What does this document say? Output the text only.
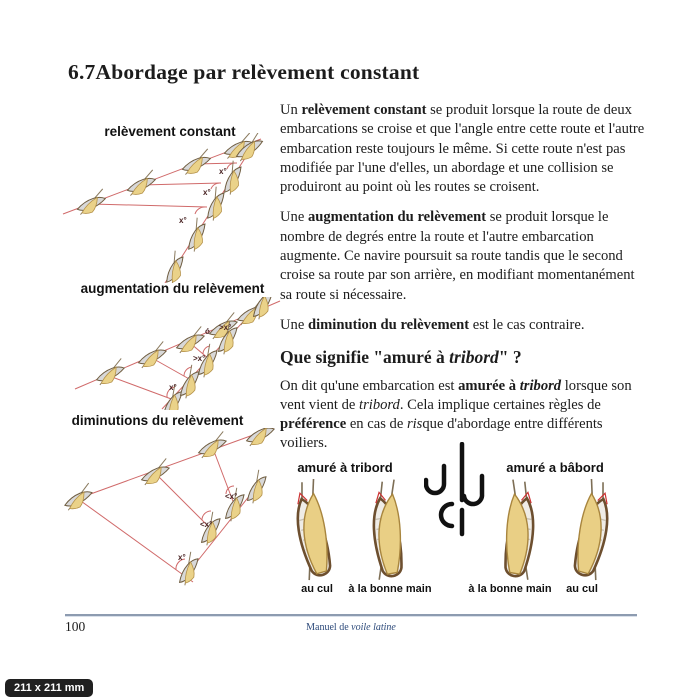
6.7Abordage par relèvement constant

Un relèvement constant se produit lorsque la route de deux embarcations se croise et que l'angle entre cette route et l'autre embarcation reste toujours le même. Si cette route n'est pas modifiée par l'une d'elles, un abordage et une collision se produiront au point où les routes se croisent.

Une augmentation du relèvement se produit lorsque le nombre de degrés entre la route et l'autre embarcation augmente. Ce navire poursuit sa route tandis que le second croise sa route par son arrière, en modifiant momentanément sa route si nécessaire.

Une diminution du relèvement est le cas contraire.

Que signifie "amuré à tribord" ?

On dit qu'une embarcation est amurée à tribord lorsque son vent vient de tribord. Cela implique certaines règles de préférence en cas de risque d'abordage entre différents voiliers.

relèvement constant
x°
x°
x°
augmentation du relèvement
x°
>x°
>x°
ó
diminutions du relèvement
x°
<x°
<x°
amuré à tribord	amuré a bâbord
au cul	à la bonne main	à la bonne main	au cul
100	Manuel de voile latine
211 x 211 mm
